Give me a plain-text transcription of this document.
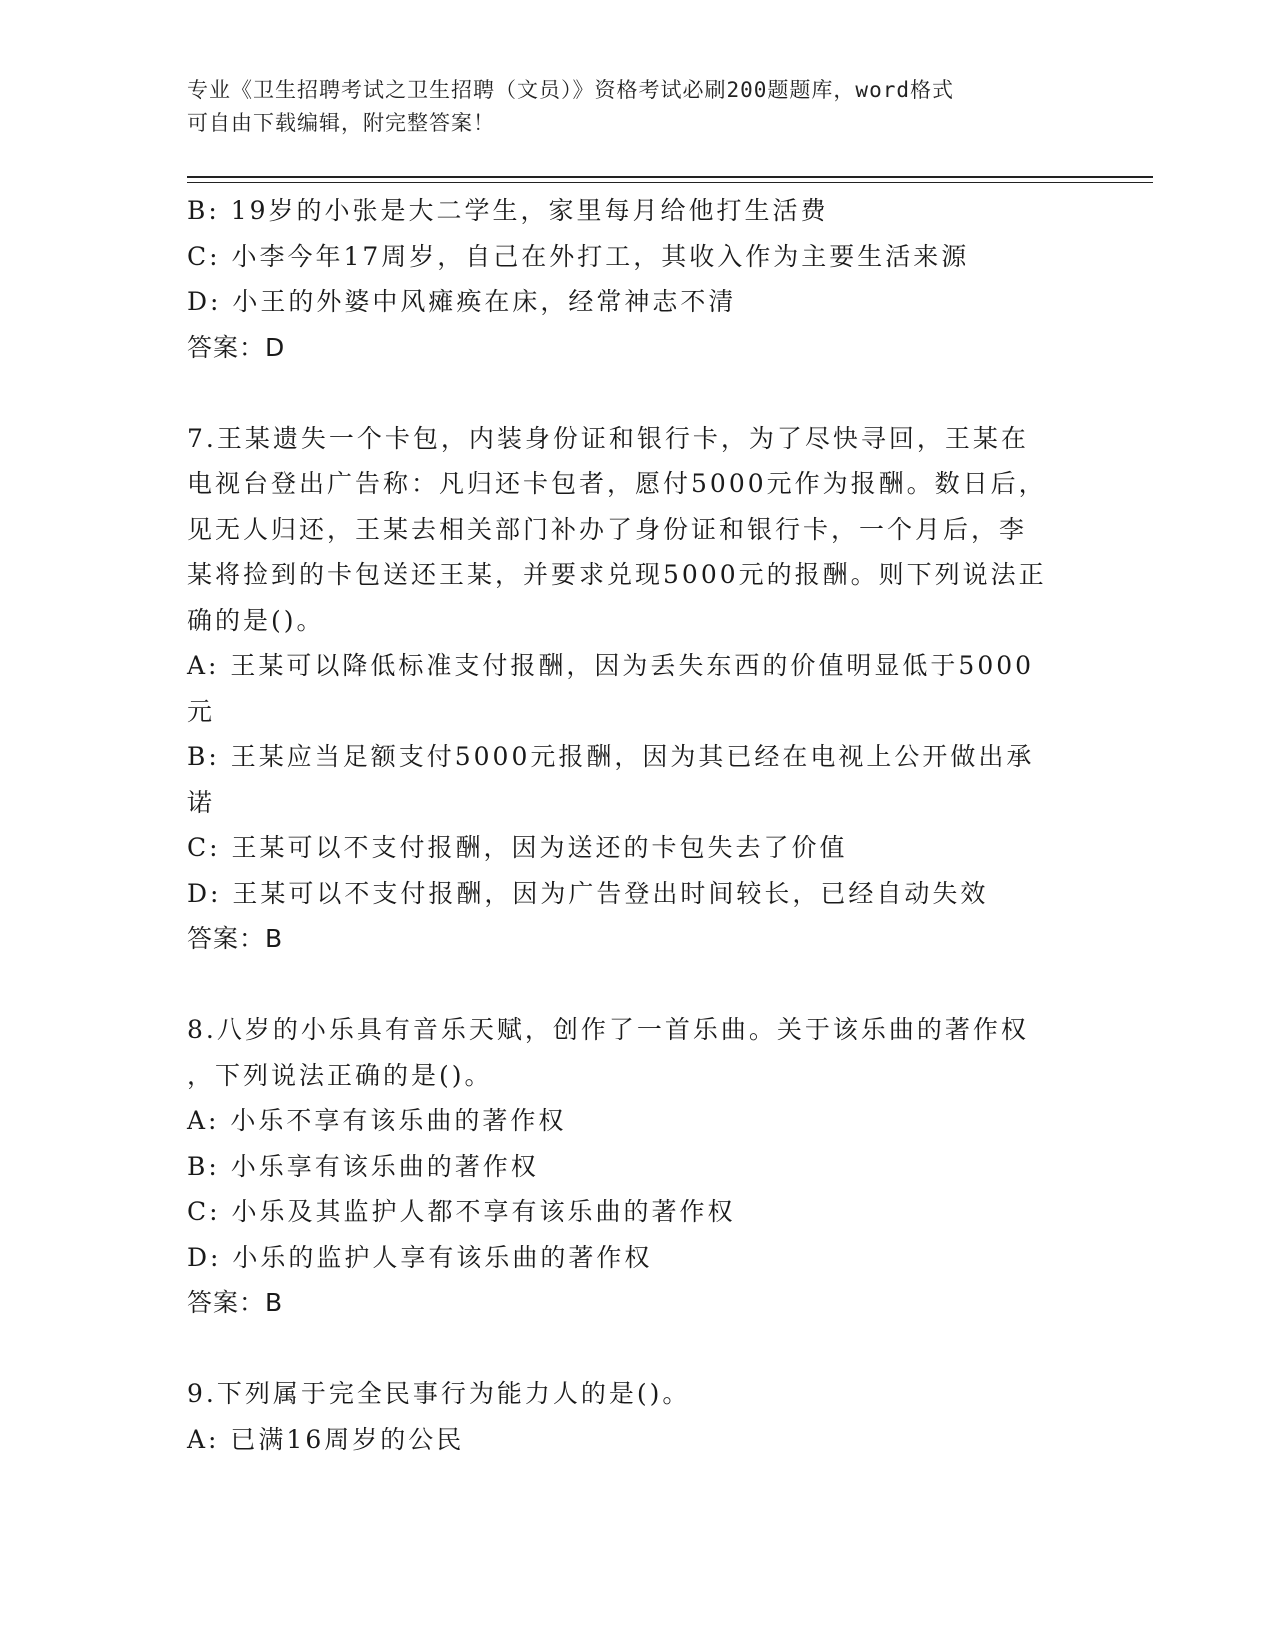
专业《卫生招聘考试之卫生招聘（文员）》资格考试必刷200题题库，word格式
可自由下载编辑，附完整答案！
B: 19岁的小张是大二学生，家里每月给他打生活费
C: 小李今年17周岁，自己在外打工，其收入作为主要生活来源
D: 小王的外婆中风瘫痪在床，经常神志不清
答案：D
7.王某遗失一个卡包，内装身份证和银行卡，为了尽快寻回，王某在
电视台登出广告称：凡归还卡包者，愿付5000元作为报酬。数日后，
见无人归还，王某去相关部门补办了身份证和银行卡，一个月后，李
某将捡到的卡包送还王某，并要求兑现5000元的报酬。则下列说法正
确的是()。
A: 王某可以降低标准支付报酬，因为丢失东西的价值明显低于5000
元
B: 王某应当足额支付5000元报酬，因为其已经在电视上公开做出承
诺
C: 王某可以不支付报酬，因为送还的卡包失去了价值
D: 王某可以不支付报酬，因为广告登出时间较长，已经自动失效
答案：B
8.八岁的小乐具有音乐天赋，创作了一首乐曲。关于该乐曲的著作权
，下列说法正确的是()。
A: 小乐不享有该乐曲的著作权
B: 小乐享有该乐曲的著作权
C: 小乐及其监护人都不享有该乐曲的著作权
D: 小乐的监护人享有该乐曲的著作权
答案：B
9.下列属于完全民事行为能力人的是()。
A: 已满16周岁的公民
